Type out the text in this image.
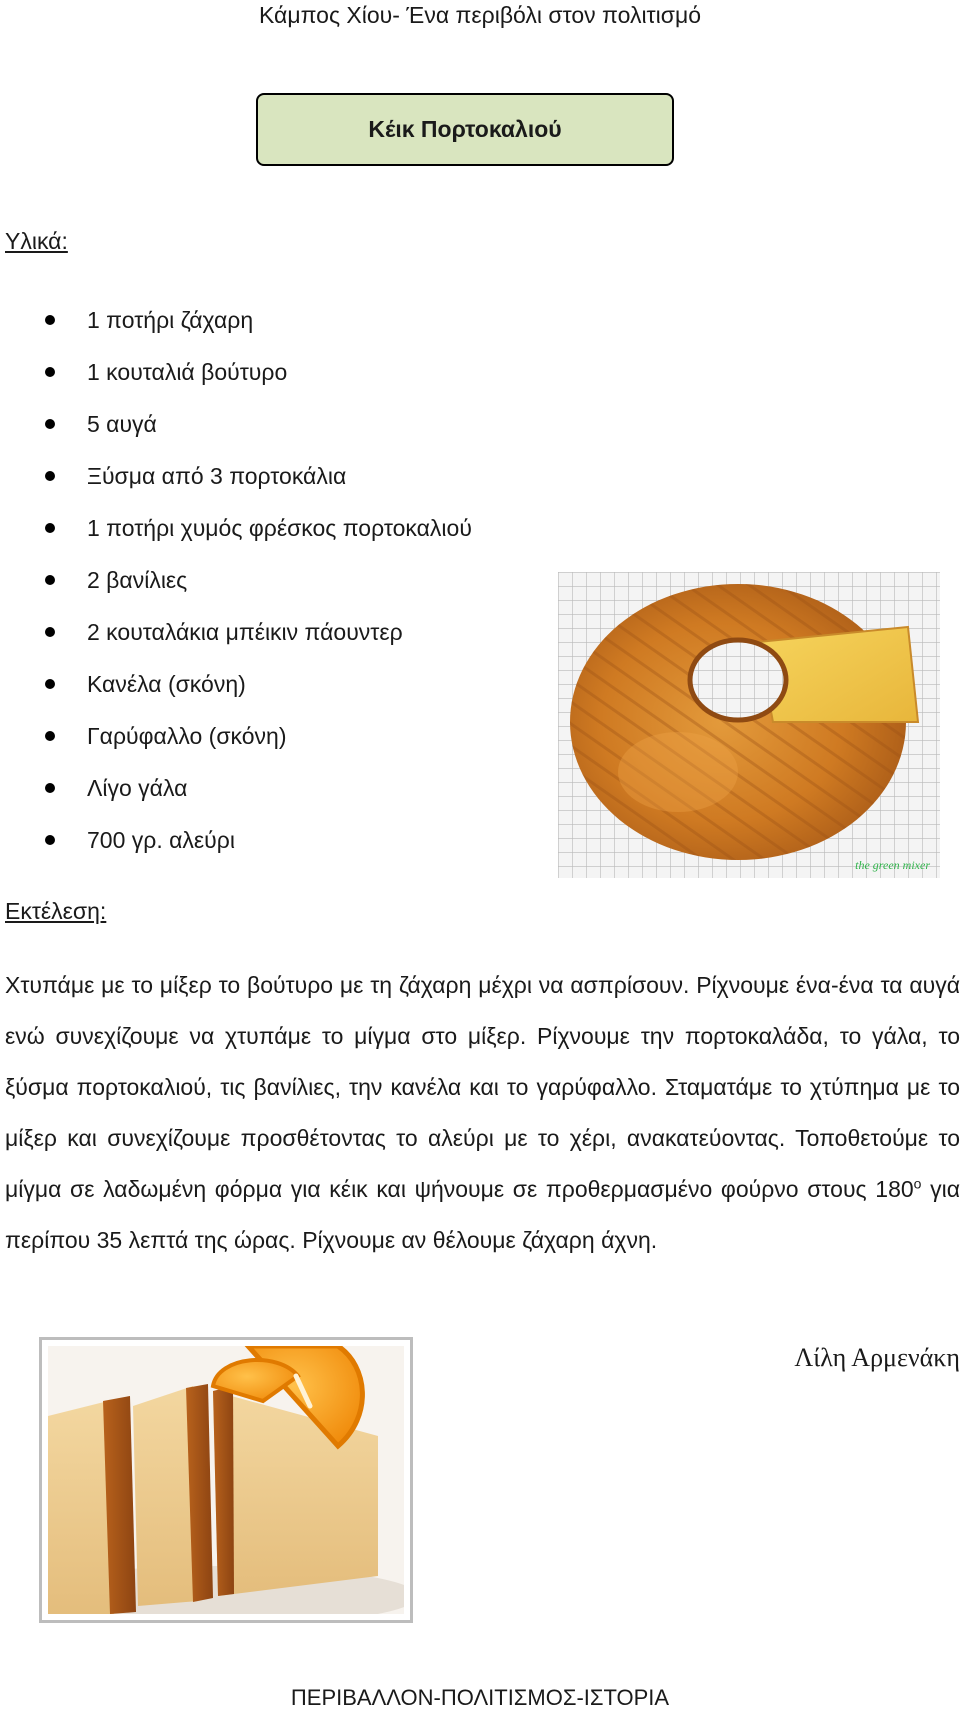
Κάμπος Χίου- Ένα περιβόλι στον πολιτισμό
Κέικ Πορτοκαλιού
Υλικά:
1 ποτήρι ζάχαρη
1 κουταλιά βούτυρο
5 αυγά
Ξύσμα από 3 πορτοκάλια
1 ποτήρι χυμός φρέσκος πορτοκαλιού
2 βανίλιες
2 κουταλάκια μπέικιν πάουντερ
Κανέλα (σκόνη)
Γαρύφαλλο (σκόνη)
Λίγο γάλα
700 γρ. αλεύρι
the green mixer
Εκτέλεση:
Χτυπάμε με το μίξερ το βούτυρο με τη ζάχαρη μέχρι να ασπρίσουν. Ρίχνουμε ένα-ένα τα αυγά ενώ συνεχίζουμε να χτυπάμε το μίγμα στο μίξερ. Ρίχνουμε την πορτοκαλάδα, το γάλα, το ξύσμα πορτοκαλιού, τις βανίλιες, την κανέλα και το γαρύφαλλο. Σταματάμε το χτύπημα με το μίξερ και συνεχίζουμε προσθέτοντας το αλεύρι με το χέρι, ανακατεύοντας. Τοποθετούμε το μίγμα σε λαδωμένη φόρμα για κέικ και ψήνουμε σε προθερμασμένο φούρνο στους $180^o$ για περίπου 35 λεπτά της ώρας. Ρίχνουμε αν θέλουμε ζάχαρη άχνη.
Λίλη Αρμενάκη
ΠΕΡΙΒΑΛΛΟΝ-ΠΟΛΙΤΙΣΜΟΣ-ΙΣΤΟΡΙΑ
